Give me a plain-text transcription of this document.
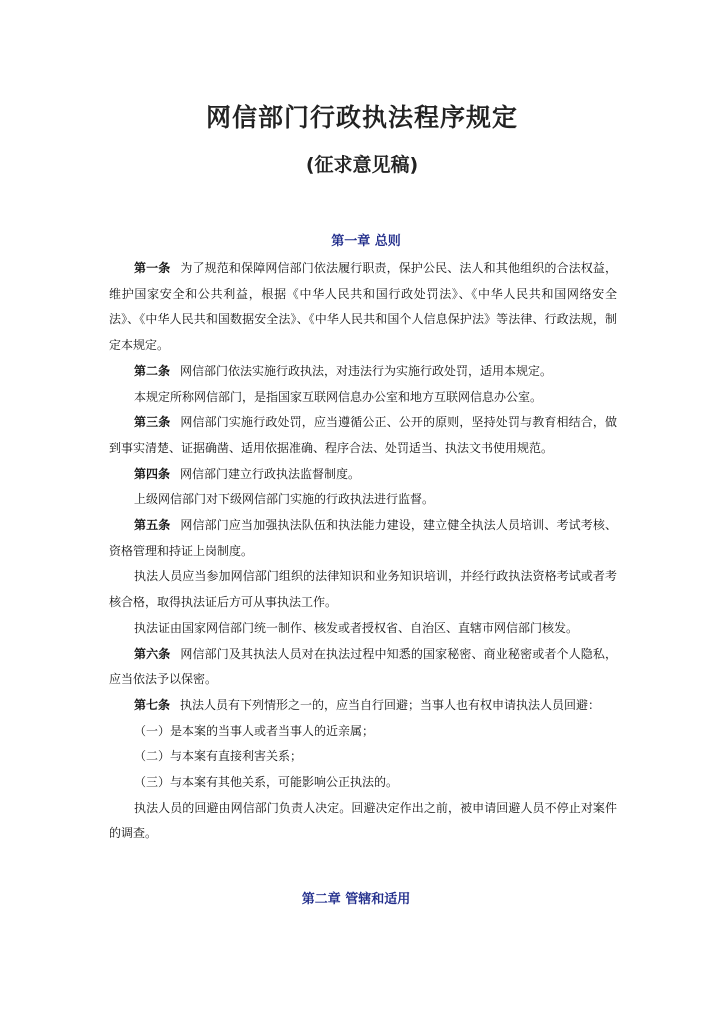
网信部门行政执法程序规定
(征求意见稿)
第一章 总则

第一条 为了规范和保障网信部门依法履行职责，保护公民、法人和其他组织的合法权益，维护国家安全和公共利益，根据《中华人民共和国行政处罚法》、《中华人民共和国网络安全法》、《中华人民共和国数据安全法》、《中华人民共和国个人信息保护法》等法律、行政法规，制定本规定。

第二条 网信部门依法实施行政执法，对违法行为实施行政处罚，适用本规定。

本规定所称网信部门，是指国家互联网信息办公室和地方互联网信息办公室。

第三条 网信部门实施行政处罚，应当遵循公正、公开的原则，坚持处罚与教育相结合，做到事实清楚、证据确凿、适用依据准确、程序合法、处罚适当、执法文书使用规范。

第四条 网信部门建立行政执法监督制度。

上级网信部门对下级网信部门实施的行政执法进行监督。

第五条 网信部门应当加强执法队伍和执法能力建设，建立健全执法人员培训、考试考核、资格管理和持证上岗制度。

执法人员应当参加网信部门组织的法律知识和业务知识培训，并经行政执法资格考试或者考核合格，取得执法证后方可从事执法工作。

执法证由国家网信部门统一制作、核发或者授权省、自治区、直辖市网信部门核发。

第六条 网信部门及其执法人员对在执法过程中知悉的国家秘密、商业秘密或者个人隐私，应当依法予以保密。

第七条 执法人员有下列情形之一的，应当自行回避；当事人也有权申请执法人员回避：

（一）是本案的当事人或者当事人的近亲属；

（二）与本案有直接利害关系；

（三）与本案有其他关系，可能影响公正执法的。

执法人员的回避由网信部门负责人决定。回避决定作出之前，被申请回避人员不停止对案件的调查。

第二章 管辖和适用
